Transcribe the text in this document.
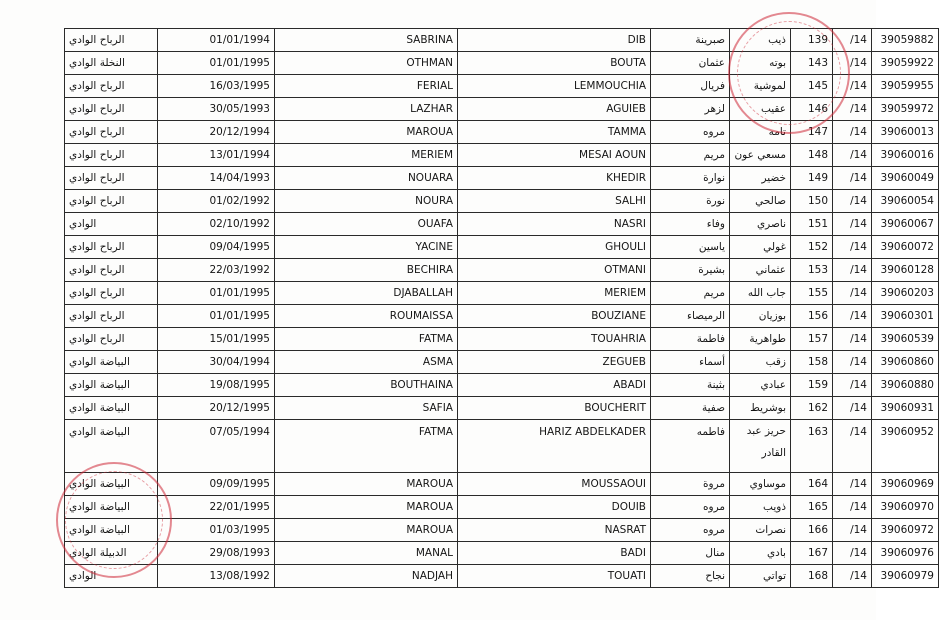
الرباح الوادي	01/01/1994	SABRINA	DIB	صبرينة	ذيب	139	/14	39059882
النخلة الوادي	01/01/1995	OTHMAN	BOUTA	عثمان	بوته	143	/14	39059922
الرباح الوادي	16/03/1995	FERIAL	LEMMOUCHIA	فريال	لموشية	145	/14	39059955
الرباح الوادي	30/05/1993	LAZHAR	AGUIEB	لزهر	عقيب	146	/14	39059972
الرباح الوادي	20/12/1994	MAROUA	TAMMA	مروه	تامه	147	/14	39060013
الرباح الوادي	13/01/1994	MERIEM	MESAI AOUN	مريم	مسعي عون	148	/14	39060016
الرباح الوادي	14/04/1993	NOUARA	KHEDIR	نوارة	خضير	149	/14	39060049
الرباح الوادي	01/02/1992	NOURA	SALHI	نورة	صالحي	150	/14	39060054
الوادي	02/10/1992	OUAFA	NASRI	وفاء	ناصري	151	/14	39060067
الرباح الوادي	09/04/1995	YACINE	GHOULI	ياسين	غولي	152	/14	39060072
الرباح الوادي	22/03/1992	BECHIRA	OTMANI	بشيرة	عثماني	153	/14	39060128
الرباح الوادي	01/01/1995	DJABALLAH	MERIEM	مريم	جاب الله	155	/14	39060203
الرباح الوادي	01/01/1995	ROUMAISSA	BOUZIANE	الرميصاء	بوزيان	156	/14	39060301
الرباح الوادي	15/01/1995	FATMA	TOUAHRIA	فاطمة	طواهرية	157	/14	39060539
البياضة الوادي	30/04/1994	ASMA	ZEGUEB	أسماء	زقب	158	/14	39060860
البياضة الوادي	19/08/1995	BOUTHAINA	ABADI	بثينة	عبادي	159	/14	39060880
البياضة الوادي	20/12/1995	SAFIA	BOUCHERIT	صفية	بوشريط	162	/14	39060931
البياضة الوادي	07/05/1994	FATMA	HARIZ ABDELKADER	فاطمه	حريز عبد القادر	163	/14	39060952
البياضة الوادي	09/09/1995	MAROUA	MOUSSAOUI	مروة	موساوي	164	/14	39060969
البياضة الوادي	22/01/1995	MAROUA	DOUIB	مروه	ذويب	165	/14	39060970
البياضة الوادي	01/03/1995	MAROUA	NASRAT	مروه	نصرات	166	/14	39060972
الدبيلة الوادي	29/08/1993	MANAL	BADI	منال	بادي	167	/14	39060976
الوادي	13/08/1992	NADJAH	TOUATI	نجاح	تواتي	168	/14	39060979
